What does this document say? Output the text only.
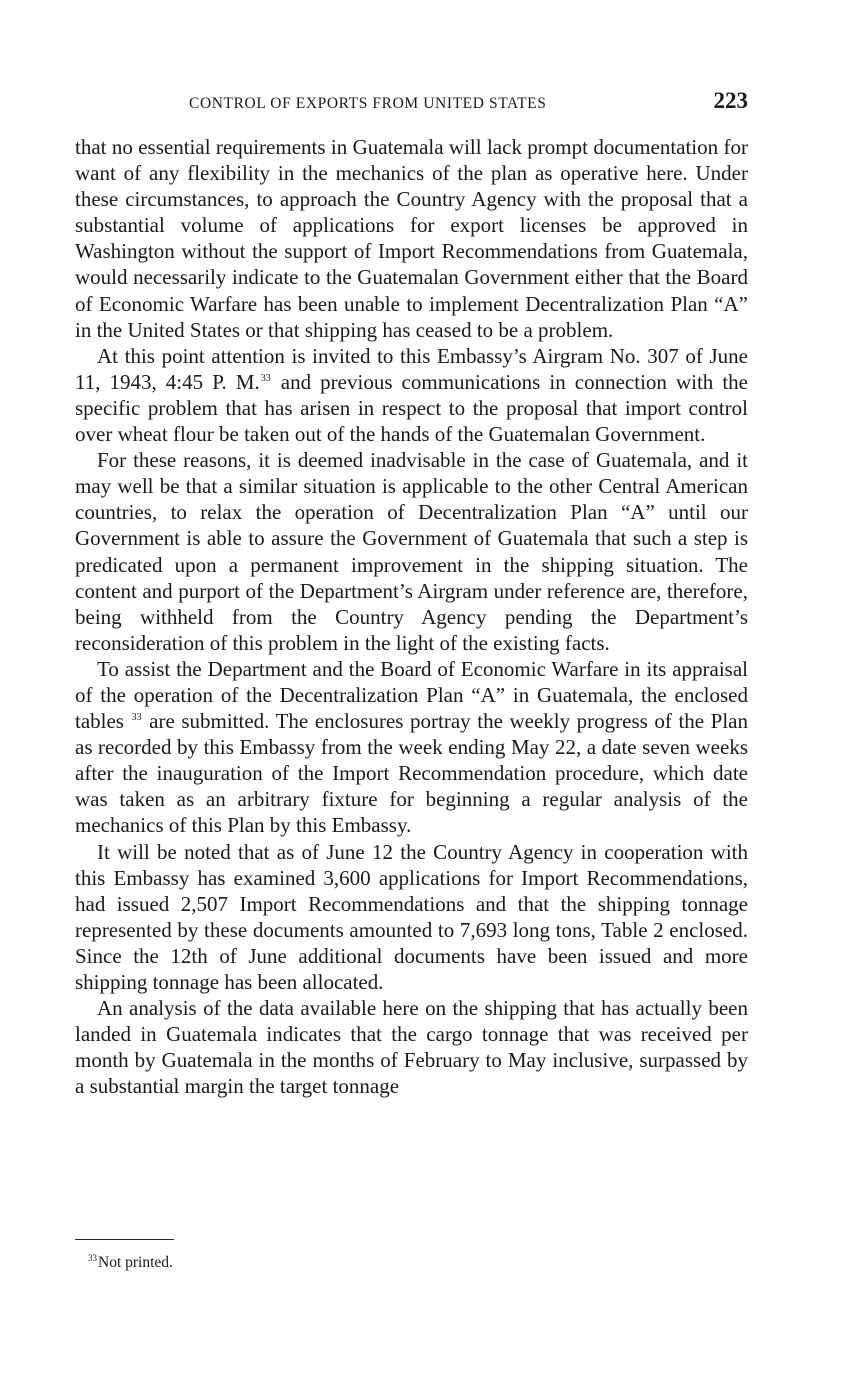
CONTROL OF EXPORTS FROM UNITED STATES	223

that no essential requirements in Guatemala will lack prompt documentation for want of any flexibility in the mechanics of the plan as operative here. Under these circumstances, to approach the Country Agency with the proposal that a substantial volume of applications for export licenses be approved in Washington without the support of Import Recommendations from Guatemala, would necessarily indicate to the Guatemalan Government either that the Board of Economic Warfare has been unable to implement Decentralization Plan “A” in the United States or that shipping has ceased to be a problem.

At this point attention is invited to this Embassy’s Airgram No. 307 of June 11, 1943, 4:45 P. M.$^{33}$ and previous communications in connection with the specific problem that has arisen in respect to the proposal that import control over wheat flour be taken out of the hands of the Guatemalan Government.

For these reasons, it is deemed inadvisable in the case of Guatemala, and it may well be that a similar situation is applicable to the other Central American countries, to relax the operation of Decentralization Plan “A” until our Government is able to assure the Government of Guatemala that such a step is predicated upon a permanent improvement in the shipping situation. The content and purport of the Department’s Airgram under reference are, therefore, being withheld from the Country Agency pending the Department’s reconsideration of this problem in the light of the existing facts.

To assist the Department and the Board of Economic Warfare in its appraisal of the operation of the Decentralization Plan “A” in Guatemala, the enclosed tables $^{33}$ are submitted. The enclosures portray the weekly progress of the Plan as recorded by this Embassy from the week ending May 22, a date seven weeks after the inauguration of the Import Recommendation procedure, which date was taken as an arbitrary fixture for beginning a regular analysis of the mechanics of this Plan by this Embassy.

It will be noted that as of June 12 the Country Agency in cooperation with this Embassy has examined 3,600 applications for Import Recommendations, had issued 2,507 Import Recommendations and that the shipping tonnage represented by these documents amounted to 7,693 long tons, Table 2 enclosed. Since the 12th of June additional documents have been issued and more shipping tonnage has been allocated.

An analysis of the data available here on the shipping that has actually been landed in Guatemala indicates that the cargo tonnage that was received per month by Guatemala in the months of February to May inclusive, surpassed by a substantial margin the target tonnage

$^{33}$Not printed.
